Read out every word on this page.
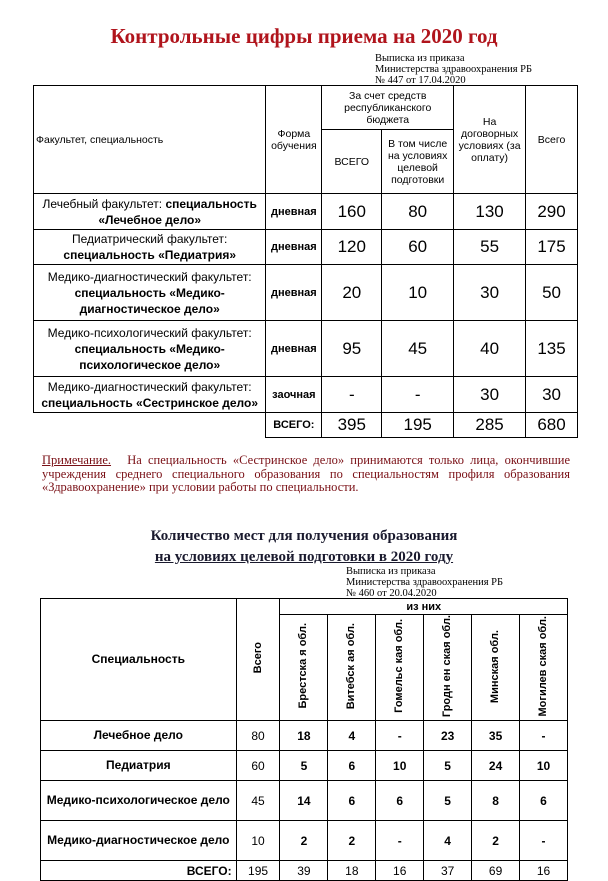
Контрольные цифры приема на 2020 год
Выписка из приказа
Министерства здравоохранения РБ
№ 447 от 17.04.2020
Факультет, специальность	Форма обучения	За счет средств республиканского бюджета		На договорных условиях (за оплату)	Всего
		ВСЕГО	В том числе на условиях целевой подготовки		
Лечебный факультет: специальность «Лечебное дело»	дневная	160	80	130	290
Педиатрический факультет: специальность «Педиатрия»	дневная	120	60	55	175
Медико-диагностический факультет: специальность «Медико-диагностическое дело»	дневная	20	10	30	50
Медико-психологический факультет: специальность «Медико-психологическое дело»	дневная	95	45	40	135
Медико-диагностический факультет: специальность «Сестринское дело»	заочная	-	-	30	30
	ВСЕГО:	395	195	285	680
Примечание. На специальность «Сестринское дело» принимаются только лица, окончившие учреждения среднего специального образования по специальностям профиля образования «Здравоохранение» при условии работы по специальности.
Количество мест для получения образования
на условиях целевой подготовки в 2020 году
Выписка из приказа
Министерства здравоохранения РБ
№ 460 от 20.04.2020
Специальность	Всего	из них					
		Брестска я обл.	Витебск ая обл.	Гомельс кая обл.	Гродн ен ская обл.	Минская обл.	Могилев ская обл.
Лечебное дело	80	18	4	-	23	35	-
Педиатрия	60	5	6	10	5	24	10
Медико-психологическое дело	45	14	6	6	5	8	6
Медико-диагностическое дело	10	2	2	-	4	2	-
ВСЕГО:	195	39	18	16	37	69	16
